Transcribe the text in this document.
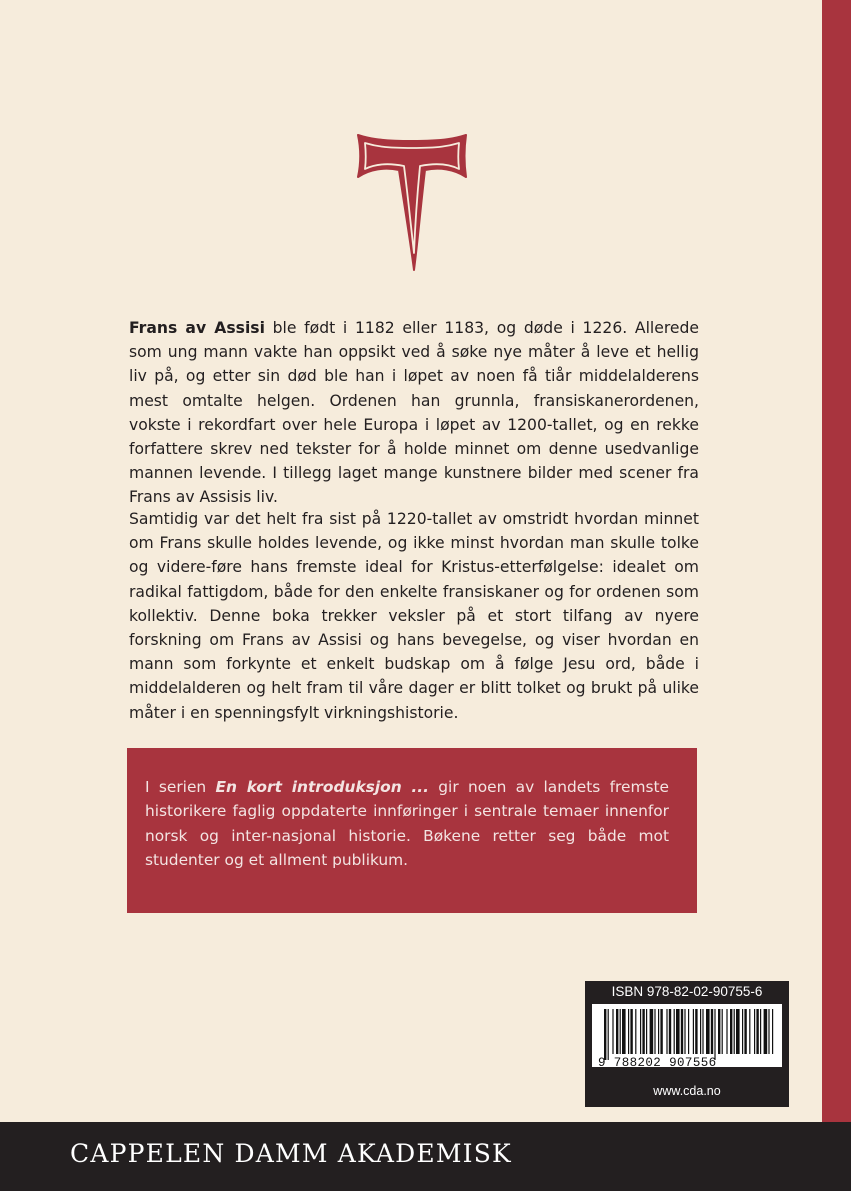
Frans av Assisi ble født i 1182 eller 1183, og døde i 1226. Allerede som ung mann vakte han oppsikt ved å søke nye måter å leve et hellig liv på, og etter sin død ble han i løpet av noen få tiår middelalderens mest omtalte helgen. Ordenen han grunnla, fransiskanerordenen, vokste i rekordfart over hele Europa i løpet av 1200-tallet, og en rekke forfattere skrev ned tekster for å holde minnet om denne usedvanlige mannen levende. I tillegg laget mange kunstnere bilder med scener fra Frans av Assisis liv.

Samtidig var det helt fra sist på 1220-tallet av omstridt hvordan minnet om Frans skulle holdes levende, og ikke minst hvordan man skulle tolke og videre-føre hans fremste ideal for Kristus-etterfølgelse: idealet om radikal fattigdom, både for den enkelte fransiskaner og for ordenen som kollektiv. Denne boka trekker veksler på et stort tilfang av nyere forskning om Frans av Assisi og hans bevegelse, og viser hvordan en mann som forkynte et enkelt budskap om å følge Jesu ord, både i middelalderen og helt fram til våre dager er blitt tolket og brukt på ulike måter i en spenningsfylt virkningshistorie.

I serien En kort introduksjon ... gir noen av landets fremste historikere faglig oppdaterte innføringer i sentrale temaer innenfor norsk og inter-nasjonal historie. Bøkene retter seg både mot studenter og et allment publikum.

ISBN 978-82-02-90755-6
9 788202 907556
www.cda.no
CAPPELEN DAMM AKADEMISK
